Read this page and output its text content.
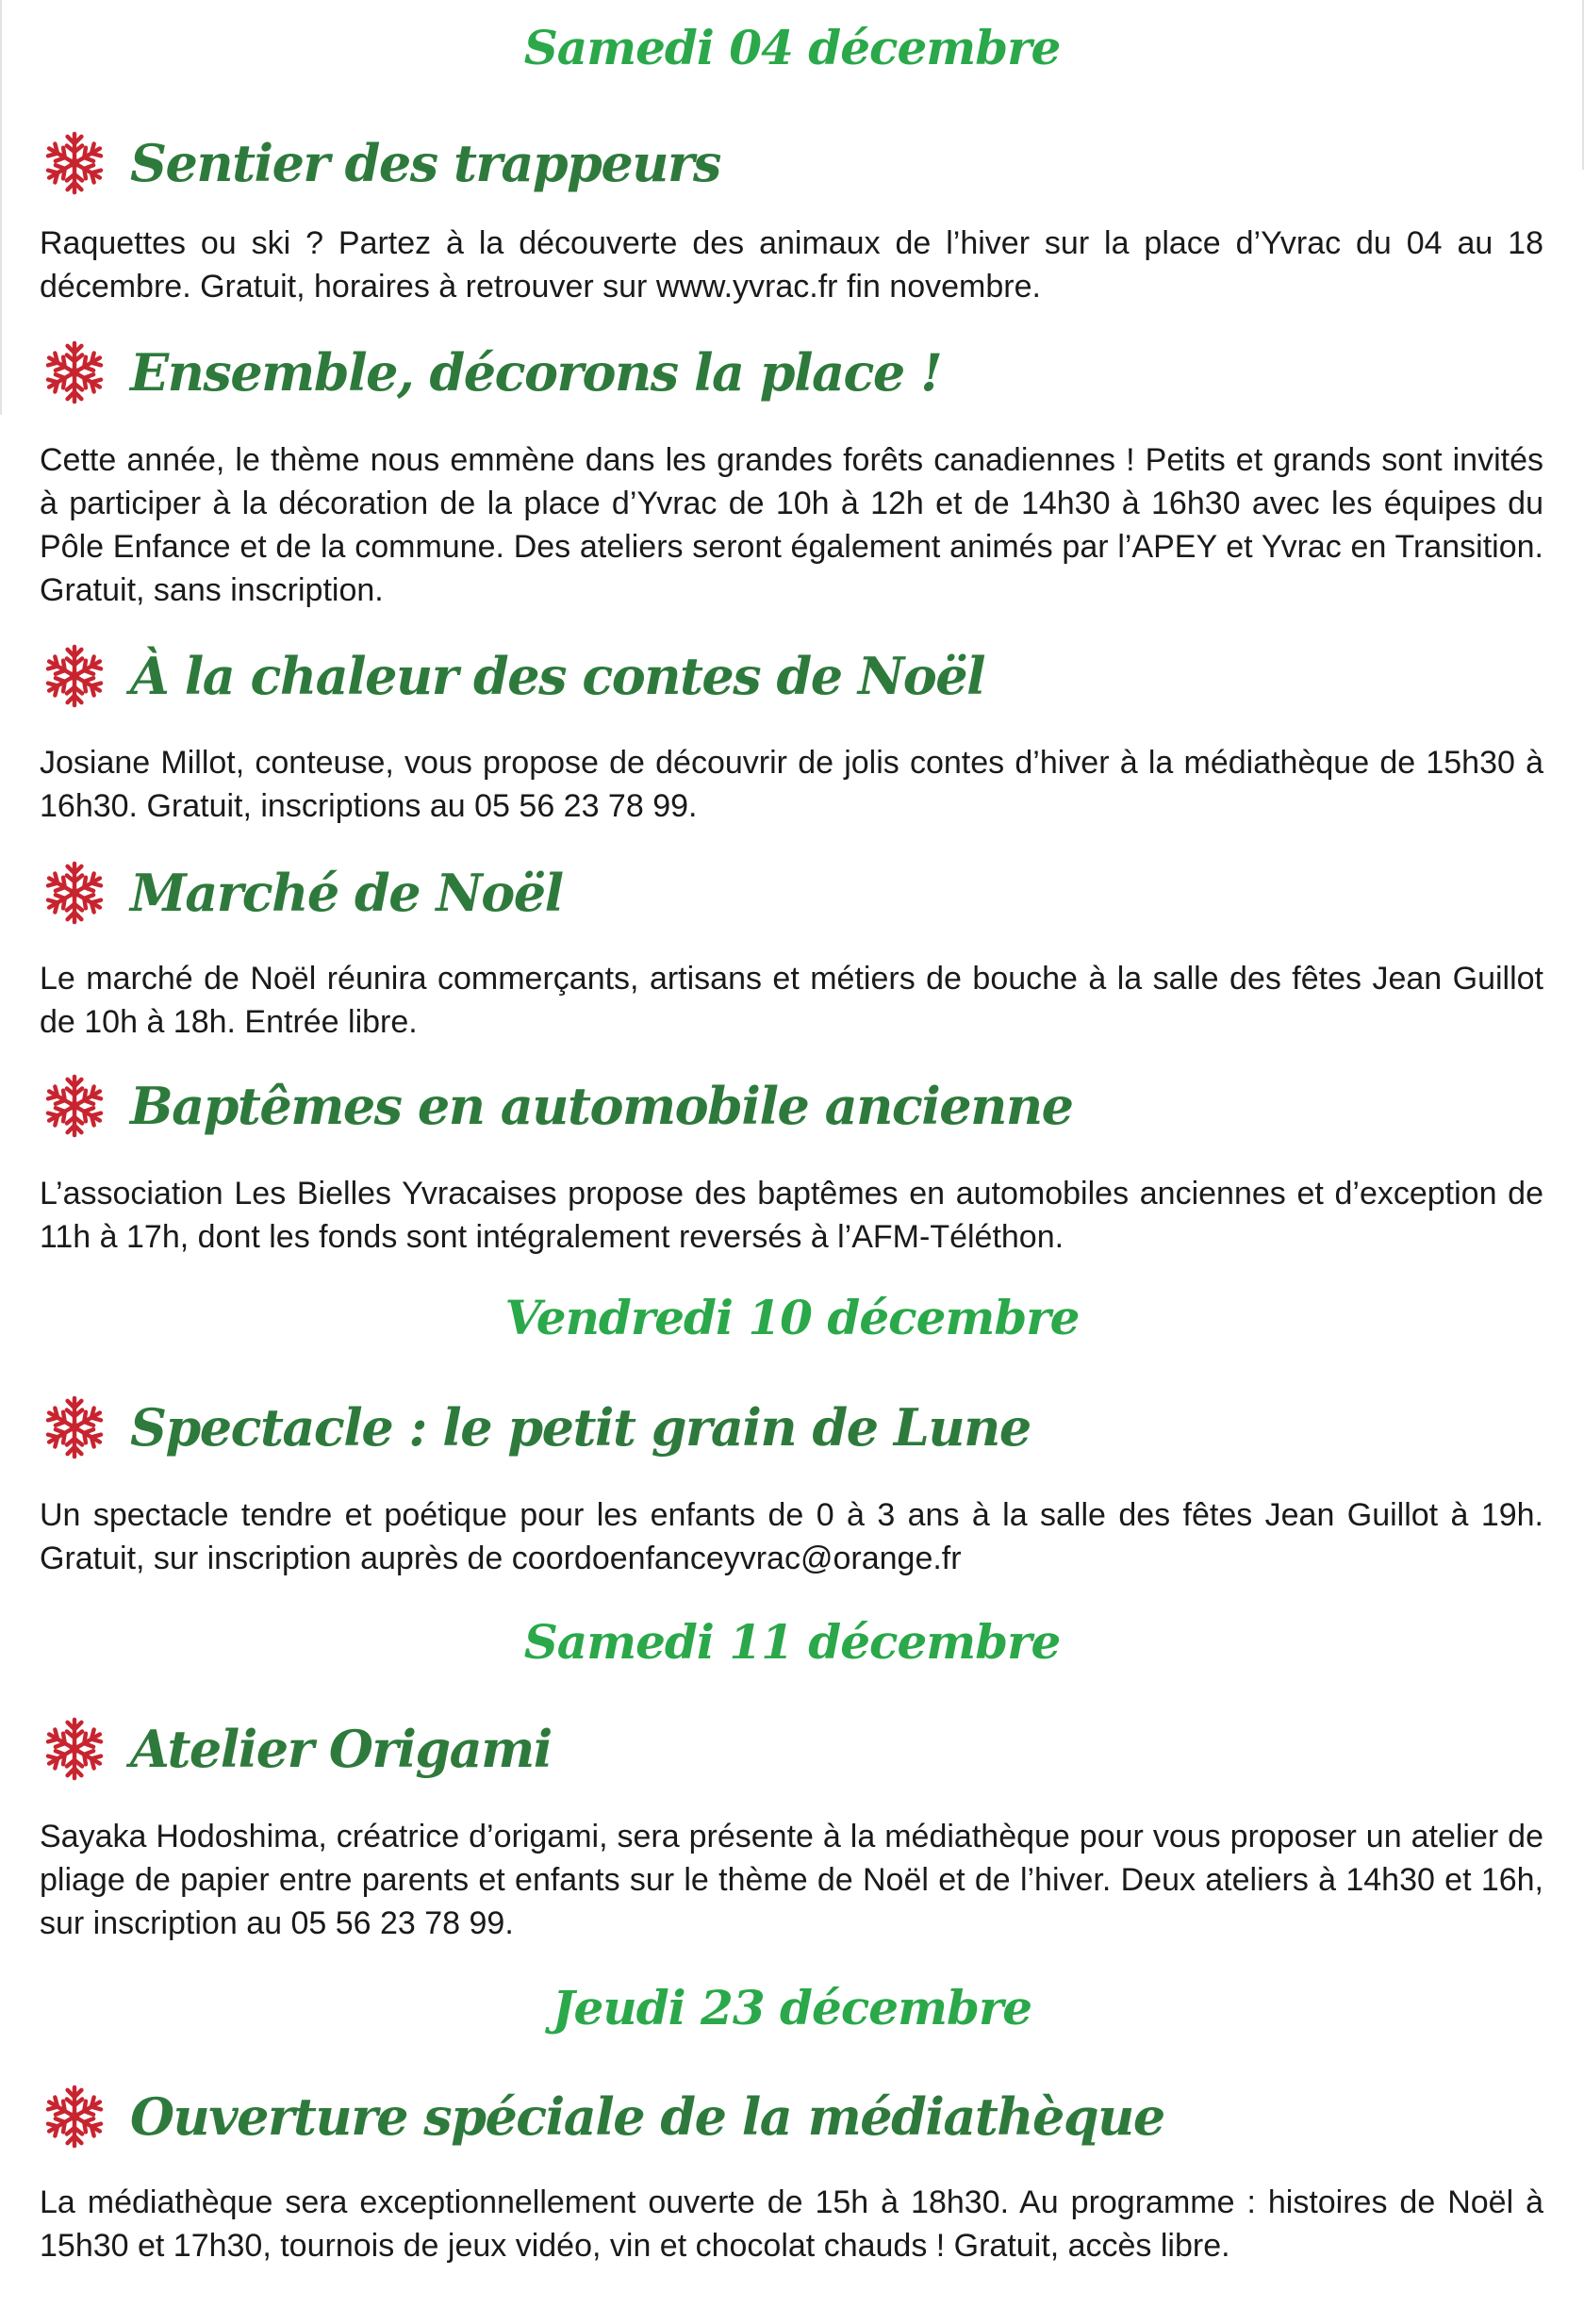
Samedi 04 décembre
Sentier des trappeurs
Raquettes ou ski ? Partez à la découverte des animaux de l’hiver sur la place d’Yvrac du 04 au 18 décembre. Gratuit, horaires à retrouver sur www.yvrac.fr fin novembre.
Ensemble, décorons la place !
Cette année, le thème nous emmène dans les grandes forêts canadiennes ! Petits et grands sont invités à participer à la décoration de la place d’Yvrac de 10h à 12h et de 14h30 à 16h30 avec les équipes du Pôle Enfance et de la commune. Des ateliers seront également animés par l’APEY et Yvrac en Transition. Gratuit, sans inscription.
À la chaleur des contes de Noël
Josiane Millot, conteuse, vous propose de découvrir de jolis contes d’hiver à la médiathèque de 15h30 à 16h30. Gratuit, inscriptions au 05 56 23 78 99.
Marché de Noël
Le marché de Noël réunira commerçants, artisans et métiers de bouche à la salle des fêtes Jean Guillot de 10h à 18h. Entrée libre.
Baptêmes en automobile ancienne
L’association Les Bielles Yvracaises propose des baptêmes en automobiles anciennes et d’exception de 11h à 17h, dont les fonds sont intégralement reversés à l’AFM-Téléthon.
Vendredi 10 décembre
Spectacle : le petit grain de Lune
Un spectacle tendre et poétique pour les enfants de 0 à 3 ans à la salle des fêtes Jean Guillot à 19h. Gratuit, sur inscription auprès de coordoenfanceyvrac@orange.fr
Samedi 11 décembre
Atelier Origami
Sayaka Hodoshima, créatrice d’origami, sera présente à la médiathèque pour vous proposer un atelier de pliage de papier entre parents et enfants sur le thème de Noël et de l’hiver. Deux ateliers à 14h30 et 16h, sur inscription au 05 56 23 78 99.
Jeudi 23 décembre
Ouverture spéciale de la médiathèque
La médiathèque sera exceptionnellement ouverte de 15h à 18h30. Au programme : histoires de Noël à 15h30 et 17h30, tournois de jeux vidéo, vin et chocolat chauds ! Gratuit, accès libre.
